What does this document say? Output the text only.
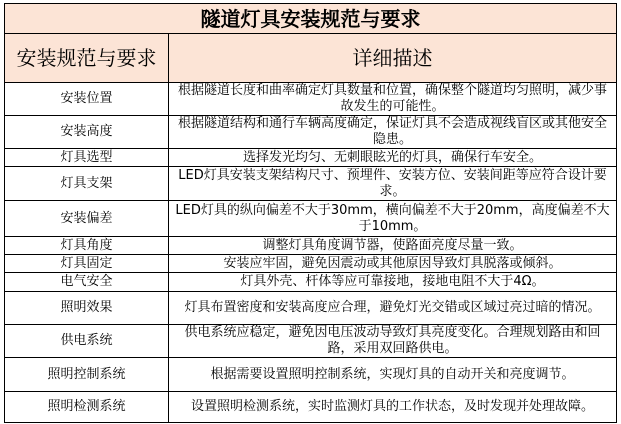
隧道灯具安装规范与要求	
安装规范与要求	详细描述
安装位置	根据隧道长度和曲率确定灯具数量和位置，确保整个隧道均匀照明，减少事故发生的可能性。
安装高度	根据隧道结构和通行车辆高度确定，保证灯具不会造成视线盲区或其他安全隐患。
灯具选型	选择发光均匀、无刺眼眩光的灯具，确保行车安全。
灯具支架	LED灯具安装支架结构尺寸、预埋件、安装方位、安装间距等应符合设计要求。
安装偏差	LED灯具的纵向偏差不大于30mm，横向偏差不大于20mm，高度偏差不大于10mm。
灯具角度	调整灯具角度调节器，使路面亮度尽量一致。
灯具固定	安装应牢固，避免因震动或其他原因导致灯具脱落或倾斜。
电气安全	灯具外壳、杆体等应可靠接地，接地电阻不大于4Ω。
照明效果	灯具布置密度和安装高度应合理，避免灯光交错或区域过亮过暗的情况。
供电系统	供电系统应稳定，避免因电压波动导致灯具亮度变化。合理规划路由和回路，采用双回路供电。
照明控制系统	根据需要设置照明控制系统，实现灯具的自动开关和亮度调节。
照明检测系统	设置照明检测系统，实时监测灯具的工作状态，及时发现并处理故障。
